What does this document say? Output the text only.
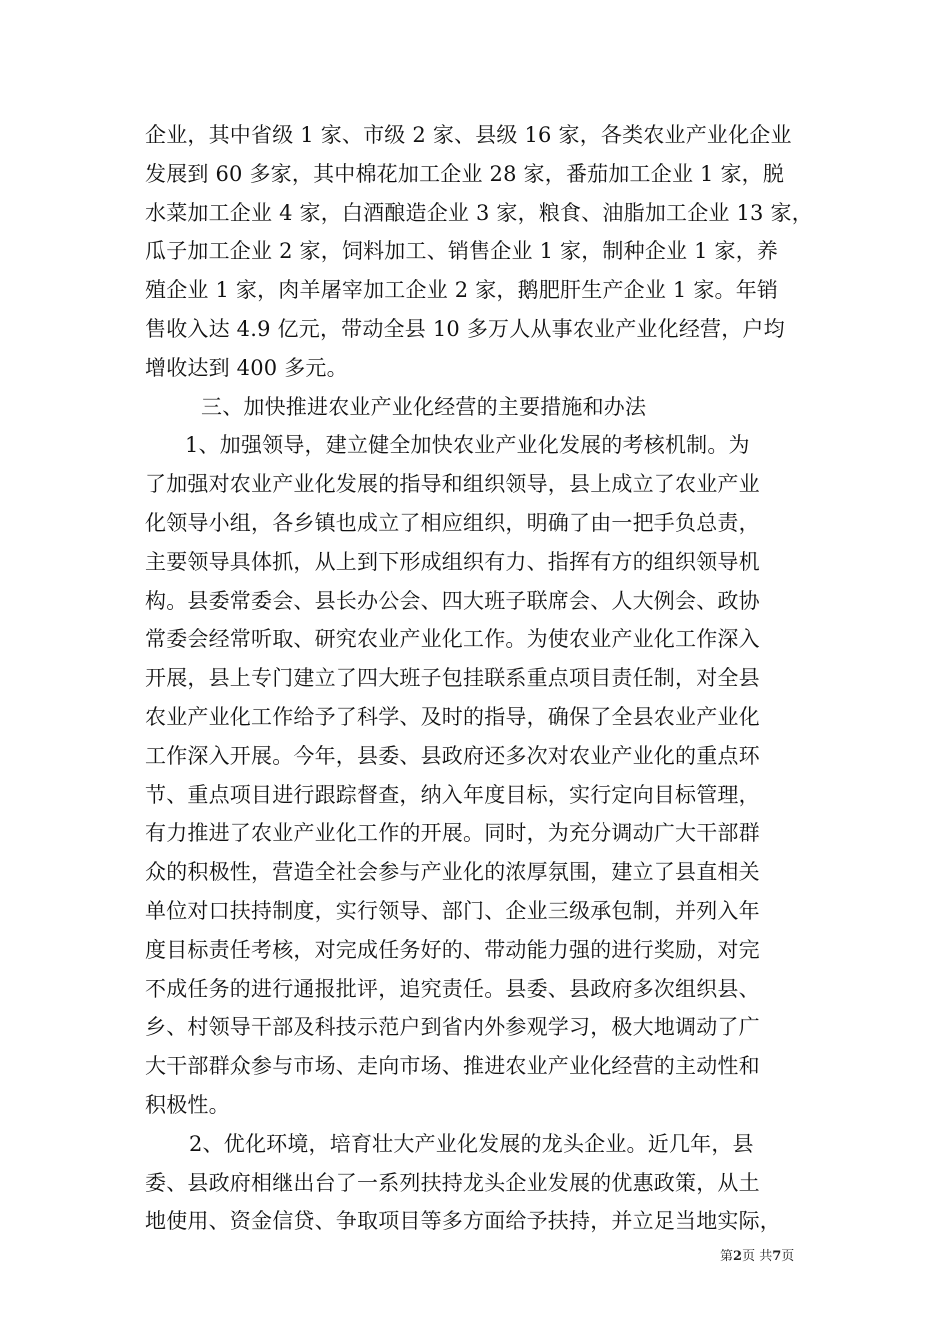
企业，其中省级 1 家、市级 2 家、县级 16 家，各类农业产业化企业
发展到 60 多家，其中棉花加工企业 28 家，番茄加工企业 1 家，脱
水菜加工企业 4 家，白酒酿造企业 3 家，粮食、油脂加工企业 13 家，
瓜子加工企业 2 家，饲料加工、销售企业 1 家，制种企业 1 家，养
殖企业 1 家，肉羊屠宰加工企业 2 家，鹅肥肝生产企业 1 家。年销
售收入达 4.9 亿元，带动全县 10 多万人从事农业产业化经营，户均
增收达到 400 多元。
三、加快推进农业产业化经营的主要措施和办法
1、加强领导，建立健全加快农业产业化发展的考核机制。为
了加强对农业产业化发展的指导和组织领导，县上成立了农业产业
化领导小组，各乡镇也成立了相应组织，明确了由一把手负总责，
主要领导具体抓，从上到下形成组织有力、指挥有方的组织领导机
构。县委常委会、县长办公会、四大班子联席会、人大例会、政协
常委会经常听取、研究农业产业化工作。为使农业产业化工作深入
开展，县上专门建立了四大班子包挂联系重点项目责任制，对全县
农业产业化工作给予了科学、及时的指导，确保了全县农业产业化
工作深入开展。今年，县委、县政府还多次对农业产业化的重点环
节、重点项目进行跟踪督查，纳入年度目标，实行定向目标管理，
有力推进了农业产业化工作的开展。同时，为充分调动广大干部群
众的积极性，营造全社会参与产业化的浓厚氛围，建立了县直相关
单位对口扶持制度，实行领导、部门、企业三级承包制，并列入年
度目标责任考核，对完成任务好的、带动能力强的进行奖励，对完
不成任务的进行通报批评，追究责任。县委、县政府多次组织县、
乡、村领导干部及科技示范户到省内外参观学习，极大地调动了广
大干部群众参与市场、走向市场、推进农业产业化经营的主动性和
积极性。
2、优化环境，培育壮大产业化发展的龙头企业。近几年，县
委、县政府相继出台了一系列扶持龙头企业发展的优惠政策，从土
地使用、资金信贷、争取项目等多方面给予扶持，并立足当地实际，
第2页 共7页
